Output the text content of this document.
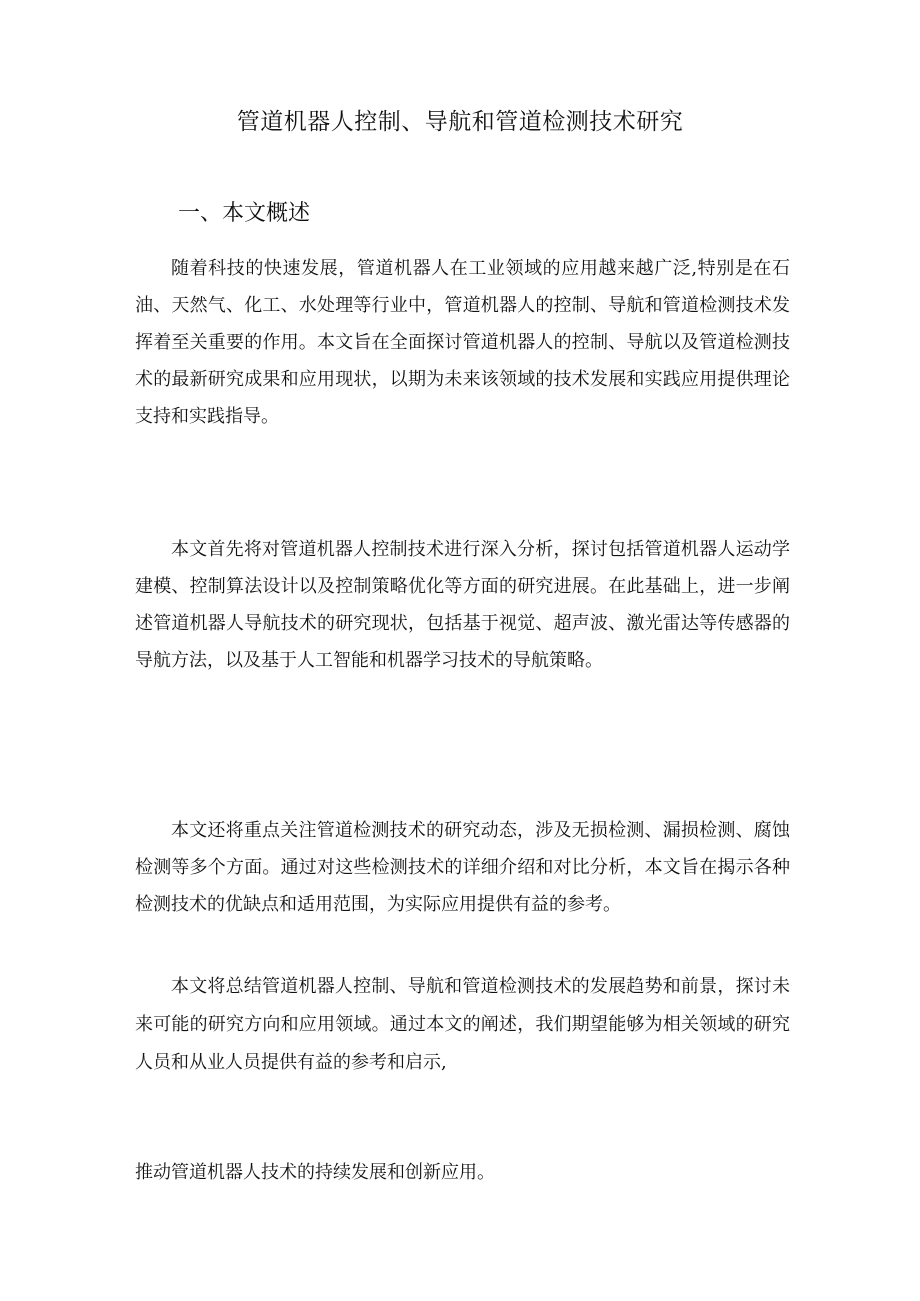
管道机器人控制、导航和管道检测技术研究
一、本文概述

随着科技的快速发展，管道机器人在工业领域的应用越来越广泛,特别是在石油、天然气、化工、水处理等行业中，管道机器人的控制、导航和管道检测技术发挥着至关重要的作用。本文旨在全面探讨管道机器人的控制、导航以及管道检测技术的最新研究成果和应用现状，以期为未来该领域的技术发展和实践应用提供理论支持和实践指导。

本文首先将对管道机器人控制技术进行深入分析，探讨包括管道机器人运动学建模、控制算法设计以及控制策略优化等方面的研究进展。在此基础上，进一步阐述管道机器人导航技术的研究现状，包括基于视觉、超声波、激光雷达等传感器的导航方法，以及基于人工智能和机器学习技术的导航策略。

本文还将重点关注管道检测技术的研究动态，涉及无损检测、漏损检测、腐蚀检测等多个方面。通过对这些检测技术的详细介绍和对比分析，本文旨在揭示各种检测技术的优缺点和适用范围，为实际应用提供有益的参考。

本文将总结管道机器人控制、导航和管道检测技术的发展趋势和前景，探讨未来可能的研究方向和应用领域。通过本文的阐述，我们期望能够为相关领域的研究人员和从业人员提供有益的参考和启示,

推动管道机器人技术的持续发展和创新应用。
